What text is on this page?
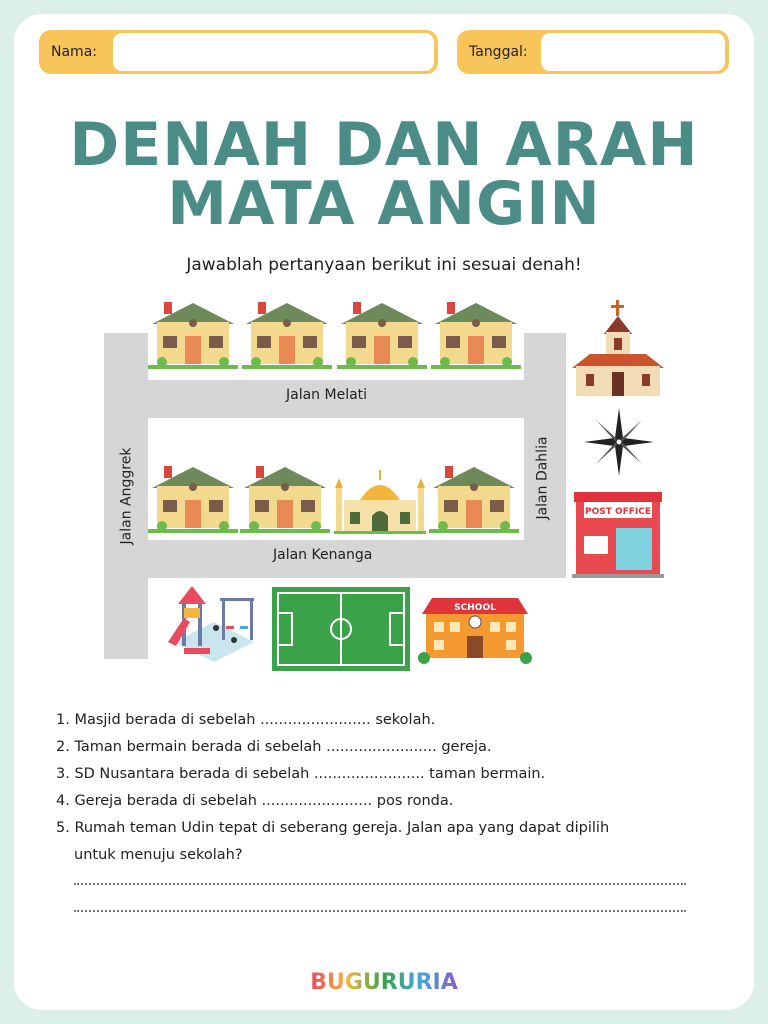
Nama:	Tanggal:
DENAH DAN ARAH
MATA ANGIN
Jawablah pertanyaan berikut ini sesuai denah!
Jalan Melati
Jalan Kenanga
Jalan Anggrek	Jalan Dahlia	POST OFFICE
SCHOOL
1. Masjid berada di sebelah ........................ sekolah.
2. Taman bermain berada di sebelah ........................ gereja.
3. SD Nusantara berada di sebelah ........................ taman bermain.
4. Gereja berada di sebelah ........................ pos ronda.
5. Rumah teman Udin tepat di seberang gereja. Jalan apa yang dapat dipilih
untuk menuju sekolah?
BUGURURIA
